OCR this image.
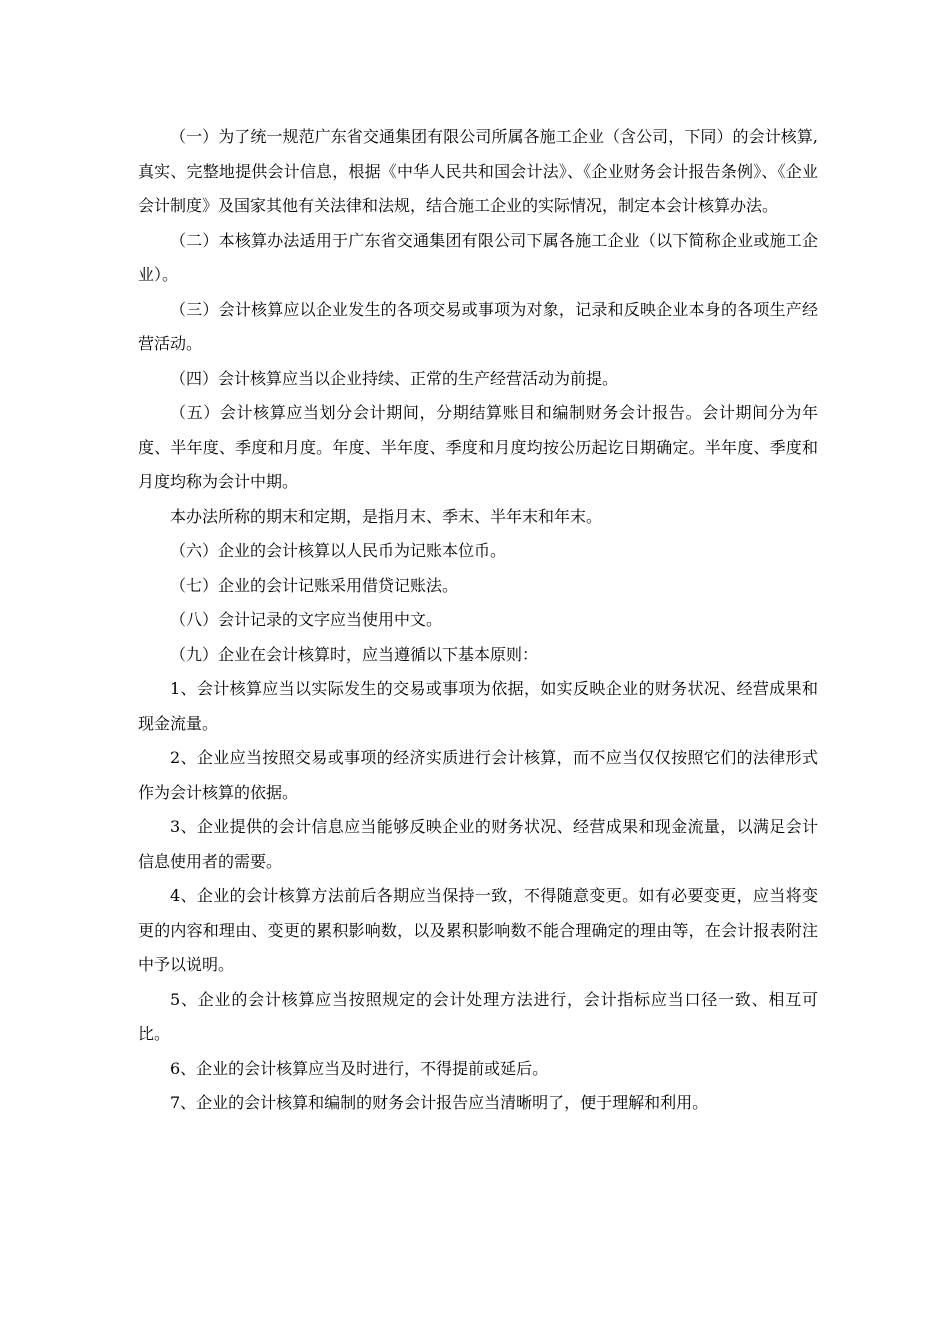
（一）为了统一规范广东省交通集团有限公司所属各施工企业（含公司，下同）的会计核算,真实、完整地提供会计信息，根据《中华人民共和国会计法》、《企业财务会计报告条例》、《企业会计制度》及国家其他有关法律和法规，结合施工企业的实际情况，制定本会计核算办法。

（二）本核算办法适用于广东省交通集团有限公司下属各施工企业（以下简称企业或施工企业）。

（三）会计核算应以企业发生的各项交易或事项为对象，记录和反映企业本身的各项生产经营活动。

（四）会计核算应当以企业持续、正常的生产经营活动为前提。

（五）会计核算应当划分会计期间，分期结算账目和编制财务会计报告。会计期间分为年度、半年度、季度和月度。年度、半年度、季度和月度均按公历起讫日期确定。半年度、季度和月度均称为会计中期。

本办法所称的期末和定期，是指月末、季末、半年末和年末。

（六）企业的会计核算以人民币为记账本位币。

（七）企业的会计记账采用借贷记账法。

（八）会计记录的文字应当使用中文。

（九）企业在会计核算时，应当遵循以下基本原则：

1、会计核算应当以实际发生的交易或事项为依据，如实反映企业的财务状况、经营成果和现金流量。

2、企业应当按照交易或事项的经济实质进行会计核算，而不应当仅仅按照它们的法律形式作为会计核算的依据。

3、企业提供的会计信息应当能够反映企业的财务状况、经营成果和现金流量，以满足会计信息使用者的需要。

4、企业的会计核算方法前后各期应当保持一致，不得随意变更。如有必要变更，应当将变更的内容和理由、变更的累积影响数，以及累积影响数不能合理确定的理由等，在会计报表附注中予以说明。

5、企业的会计核算应当按照规定的会计处理方法进行，会计指标应当口径一致、相互可比。

6、企业的会计核算应当及时进行，不得提前或延后。

7、企业的会计核算和编制的财务会计报告应当清晰明了，便于理解和利用。
